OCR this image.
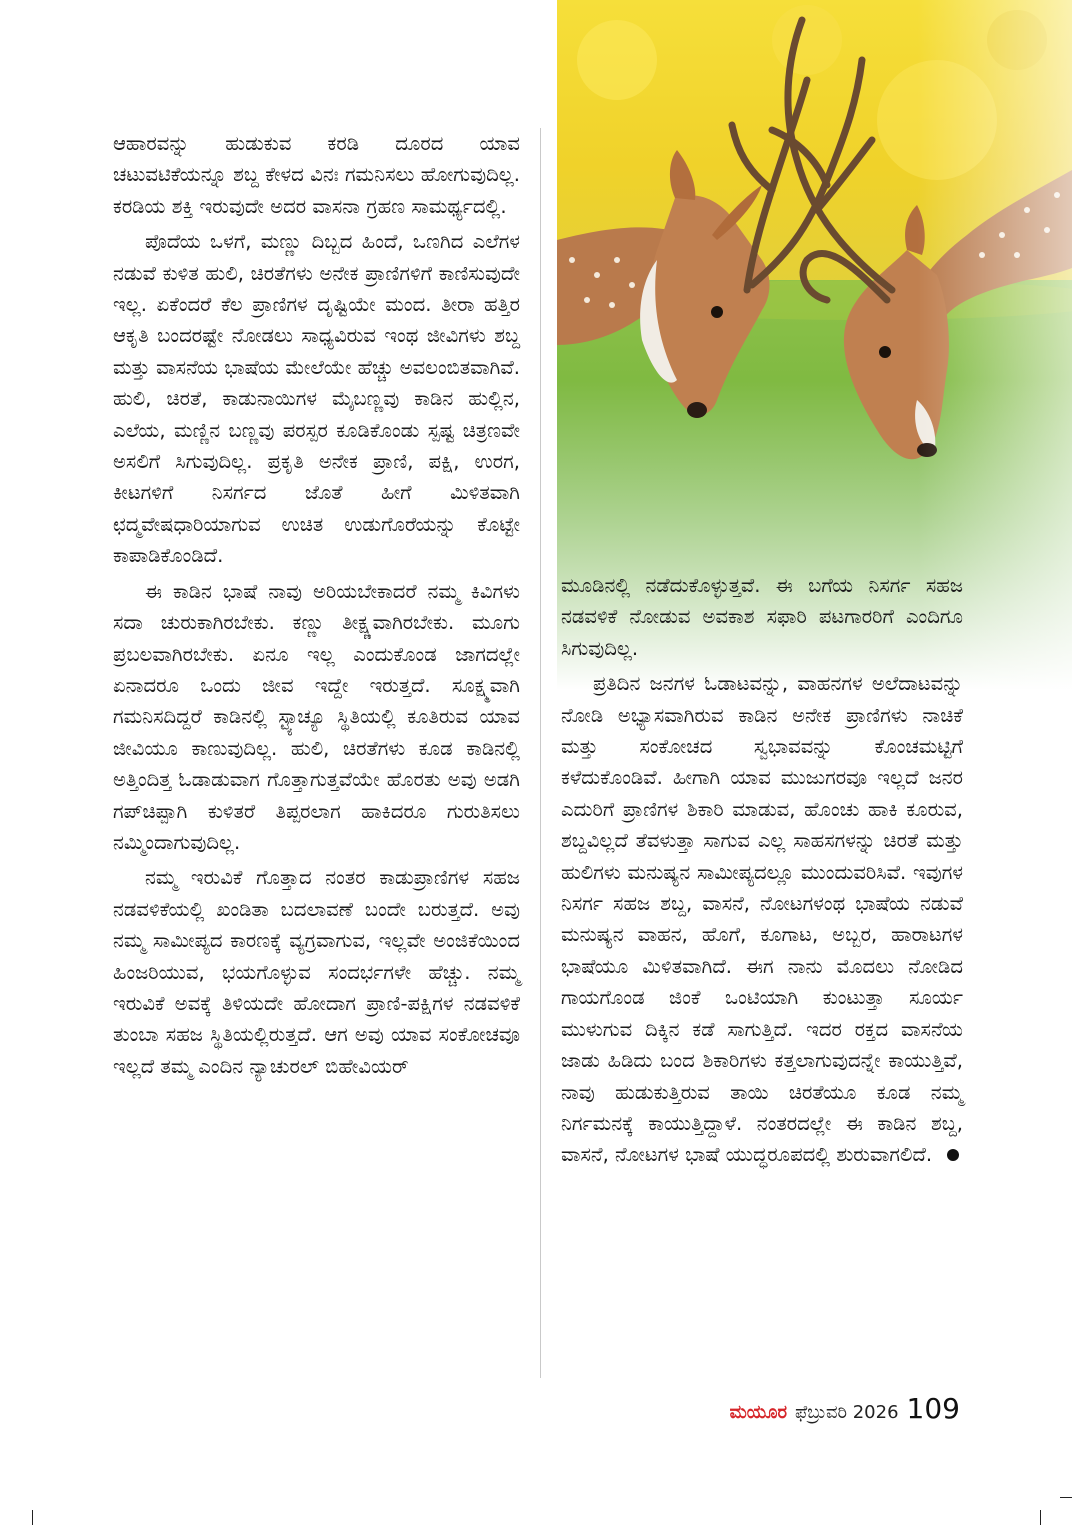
ಆಹಾರವನ್ನು ಹುಡುಕುವ ಕರಡಿ ದೂರದ ಯಾವ ಚಟುವಟಿಕೆಯನ್ನೂ ಶಬ್ದ ಕೇಳದ ವಿನಃ ಗಮನಿಸಲು ಹೋಗುವುದಿಲ್ಲ. ಕರಡಿಯ ಶಕ್ತಿ ಇರುವುದೇ ಅದರ ವಾಸನಾ ಗ್ರಹಣ ಸಾಮರ್ಥ್ಯದಲ್ಲಿ.

ಪೊದೆಯ ಒಳಗೆ, ಮಣ್ಣು ದಿಬ್ಬದ ಹಿಂದೆ, ಒಣಗಿದ ಎಲೆಗಳ ನಡುವೆ ಕುಳಿತ ಹುಲಿ, ಚಿರತೆಗಳು ಅನೇಕ ಪ್ರಾಣಿಗಳಿಗೆ ಕಾಣಿಸುವುದೇ ಇಲ್ಲ. ಏಕೆಂದರೆ ಕೆಲ ಪ್ರಾಣಿಗಳ ದೃಷ್ಟಿಯೇ ಮಂದ. ತೀರಾ ಹತ್ತಿರ ಆಕೃತಿ ಬಂದರಷ್ಟೇ ನೋಡಲು ಸಾಧ್ಯವಿರುವ ಇಂಥ ಜೀವಿಗಳು ಶಬ್ದ ಮತ್ತು ವಾಸನೆಯ ಭಾಷೆಯ ಮೇಲೆಯೇ ಹೆಚ್ಚು ಅವಲಂಬಿತವಾಗಿವೆ. ಹುಲಿ, ಚಿರತೆ, ಕಾಡುನಾಯಿಗಳ ಮೈಬಣ್ಣವು ಕಾಡಿನ ಹುಲ್ಲಿನ, ಎಲೆಯ, ಮಣ್ಣಿನ ಬಣ್ಣವು ಪರಸ್ಪರ ಕೂಡಿಕೊಂಡು ಸ್ಪಷ್ಟ ಚಿತ್ರಣವೇ ಅಸಲಿಗೆ ಸಿಗುವುದಿಲ್ಲ. ಪ್ರಕೃತಿ ಅನೇಕ ಪ್ರಾಣಿ, ಪಕ್ಷಿ, ಉರಗ, ಕೀಟಗಳಿಗೆ ನಿಸರ್ಗದ ಜೊತೆ ಹೀಗೆ ಮಿಳಿತವಾಗಿ ಛದ್ಮವೇಷಧಾರಿಯಾಗುವ ಉಚಿತ ಉಡುಗೊರೆಯನ್ನು ಕೊಟ್ಟೇ ಕಾಪಾಡಿಕೊಂಡಿದೆ.

ಈ ಕಾಡಿನ ಭಾಷೆ ನಾವು ಅರಿಯಬೇಕಾದರೆ ನಮ್ಮ ಕಿವಿಗಳು ಸದಾ ಚುರುಕಾಗಿರಬೇಕು. ಕಣ್ಣು ತೀಕ್ಷ್ಣವಾಗಿರಬೇಕು. ಮೂಗು ಪ್ರಬಲವಾಗಿರಬೇಕು. ಏನೂ ಇಲ್ಲ ಎಂದುಕೊಂಡ ಜಾಗದಲ್ಲೇ ಏನಾದರೂ ಒಂದು ಜೀವ ಇದ್ದೇ ಇರುತ್ತದೆ. ಸೂಕ್ಷ್ಮವಾಗಿ ಗಮನಿಸದಿದ್ದರೆ ಕಾಡಿನಲ್ಲಿ ಸ್ಟ್ಯಾಚ್ಯೂ ಸ್ಥಿತಿಯಲ್ಲಿ ಕೂತಿರುವ ಯಾವ ಜೀವಿಯೂ ಕಾಣುವುದಿಲ್ಲ. ಹುಲಿ, ಚಿರತೆಗಳು ಕೂಡ ಕಾಡಿನಲ್ಲಿ ಅತ್ತಿಂದಿತ್ತ ಓಡಾಡುವಾಗ ಗೊತ್ತಾಗುತ್ತವೆಯೇ ಹೊರತು ಅವು ಅಡಗಿ ಗಪ್‌ಚಿಪ್ಪಾಗಿ ಕುಳಿತರೆ ತಿಪ್ಪರಲಾಗ ಹಾಕಿದರೂ ಗುರುತಿಸಲು ನಮ್ಮಿಂದಾಗುವುದಿಲ್ಲ.

ನಮ್ಮ ಇರುವಿಕೆ ಗೊತ್ತಾದ ನಂತರ ಕಾಡುಪ್ರಾಣಿಗಳ ಸಹಜ ನಡವಳಿಕೆಯಲ್ಲಿ ಖಂಡಿತಾ ಬದಲಾವಣೆ ಬಂದೇ ಬರುತ್ತದೆ. ಅವು ನಮ್ಮ ಸಾಮೀಪ್ಯದ ಕಾರಣಕ್ಕೆ ವ್ಯಗ್ರವಾಗುವ, ಇಲ್ಲವೇ ಅಂಜಿಕೆಯಿಂದ ಹಿಂಜರಿಯುವ, ಭಯಗೊಳ್ಳುವ ಸಂದರ್ಭಗಳೇ ಹೆಚ್ಚು. ನಮ್ಮ ಇರುವಿಕೆ ಅವಕ್ಕೆ ತಿಳಿಯದೇ ಹೋದಾಗ ಪ್ರಾಣಿ-ಪಕ್ಷಿಗಳ ನಡವಳಿಕೆ ತುಂಬಾ ಸಹಜ ಸ್ಥಿತಿಯಲ್ಲಿರುತ್ತದೆ. ಆಗ ಅವು ಯಾವ ಸಂಕೋಚವೂ ಇಲ್ಲದೆ ತಮ್ಮ ಎಂದಿನ ನ್ಯಾಚುರಲ್ ಬಿಹೇವಿಯರ್

ಮೂಡಿನಲ್ಲಿ ನಡೆದುಕೊಳ್ಳುತ್ತವೆ. ಈ ಬಗೆಯ ನಿಸರ್ಗ ಸಹಜ ನಡವಳಿಕೆ ನೋಡುವ ಅವಕಾಶ ಸಫಾರಿ ಪಟಗಾರರಿಗೆ ಎಂದಿಗೂ ಸಿಗುವುದಿಲ್ಲ.

ಪ್ರತಿದಿನ ಜನಗಳ ಓಡಾಟವನ್ನು, ವಾಹನಗಳ ಅಲೆದಾಟವನ್ನು ನೋಡಿ ಅಭ್ಯಾಸವಾಗಿರುವ ಕಾಡಿನ ಅನೇಕ ಪ್ರಾಣಿಗಳು ನಾಚಿಕೆ ಮತ್ತು ಸಂಕೋಚದ ಸ್ವಭಾವವನ್ನು ಕೊಂಚಮಟ್ಟಿಗೆ ಕಳೆದುಕೊಂಡಿವೆ. ಹೀಗಾಗಿ ಯಾವ ಮುಜುಗರವೂ ಇಲ್ಲದೆ ಜನರ ಎದುರಿಗೆ ಪ್ರಾಣಿಗಳ ಶಿಕಾರಿ ಮಾಡುವ, ಹೊಂಚು ಹಾಕಿ ಕೂರುವ, ಶಬ್ದವಿಲ್ಲದೆ ತೆವಳುತ್ತಾ ಸಾಗುವ ಎಲ್ಲ ಸಾಹಸಗಳನ್ನು ಚಿರತೆ ಮತ್ತು ಹುಲಿಗಳು ಮನುಷ್ಯನ ಸಾಮೀಪ್ಯದಲ್ಲೂ ಮುಂದುವರಿಸಿವೆ. ಇವುಗಳ ನಿಸರ್ಗ ಸಹಜ ಶಬ್ದ, ವಾಸನೆ, ನೋಟಗಳಂಥ ಭಾಷೆಯ ನಡುವೆ ಮನುಷ್ಯನ ವಾಹನ, ಹೊಗೆ, ಕೂಗಾಟ, ಅಬ್ಬರ, ಹಾರಾಟಗಳ ಭಾಷೆಯೂ ಮಿಳಿತವಾಗಿದೆ. ಈಗ ನಾನು ಮೊದಲು ನೋಡಿದ ಗಾಯಗೊಂಡ ಜಿಂಕೆ ಒಂಟಿಯಾಗಿ ಕುಂಟುತ್ತಾ ಸೂರ್ಯ ಮುಳುಗುವ ದಿಕ್ಕಿನ ಕಡೆ ಸಾಗುತ್ತಿದೆ. ಇದರ ರಕ್ತದ ವಾಸನೆಯ ಜಾಡು ಹಿಡಿದು ಬಂದ ಶಿಕಾರಿಗಳು ಕತ್ತಲಾಗುವುದನ್ನೇ ಕಾಯುತ್ತಿವೆ, ನಾವು ಹುಡುಕುತ್ತಿರುವ ತಾಯಿ ಚಿರತೆಯೂ ಕೂಡ ನಮ್ಮ ನಿರ್ಗಮನಕ್ಕೆ ಕಾಯುತ್ತಿದ್ದಾಳೆ. ನಂತರದಲ್ಲೇ ಈ ಕಾಡಿನ ಶಬ್ದ, ವಾಸನೆ, ನೋಟಗಳ ಭಾಷೆ ಯುದ್ಧರೂಪದಲ್ಲಿ ಶುರುವಾಗಲಿದೆ.

ಮಯೂರ ಫೆಬ್ರುವರಿ 2026 109
